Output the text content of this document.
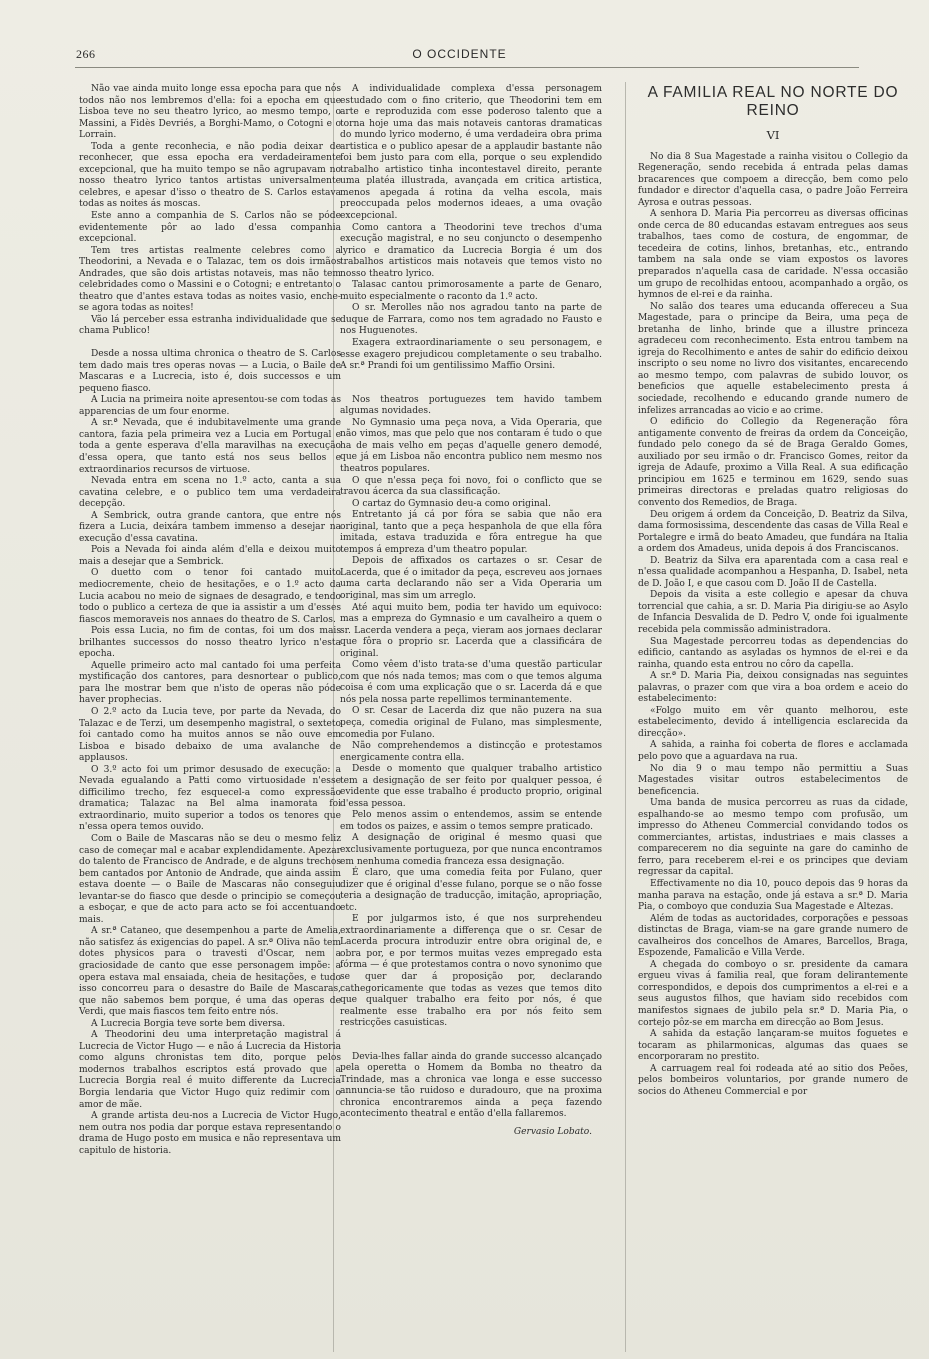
266	O OCCIDENTE

Não vae ainda muito longe essa epocha para que nós todos não nos lembremos d'ella: foi a epocha em que Lisboa teve no seu theatro lyrico, ao mesmo tempo, o Massini, a Fidès Devriés, a Borghi-Mamo, o Cotogni e o Lorrain.

Toda a gente reconhecia, e não podia deixar de reconhecer, que essa epocha era verdadeiramente excepcional, que ha muito tempo se não agrupavam no nosso theatro lyrico tantos artistas universalmente celebres, e apesar d'isso o theatro de S. Carlos estava todas as noites ás moscas.

Este anno a companhia de S. Carlos não se póde evidentemente pôr ao lado d'essa companhia excepcional.

Tem tres artistas realmente celebres como a Theodorini, a Nevada e o Talazac, tem os dois irmãos Andrades, que são dois artistas notaveis, mas não tem celebridades como o Massini e o Cotogni; e entretanto o theatro que d'antes estava todas as noites vasio, enche-se agora todas as noites!

Vão lá perceber essa estranha individualidade que se chama Publico!

Desde a nossa ultima chronica o theatro de S. Carlos tem dado mais tres operas novas — a Lucia, o Baile de Mascaras e a Lucrecia, isto é, dois successos e um pequeno fiasco.

A Lucia na primeira noite apresentou-se com todas as apparencias de um four enorme.

A sr.ª Nevada, que é indubitavelmente uma grande cantora, fazia pela primeira vez a Lucia em Portugal e toda a gente esperava d'ella maravilhas na execução d'essa opera, que tanto está nos seus bellos e extraordinarios recursos de virtuose.

Nevada entra em scena no 1.º acto, canta a sua cavatina celebre, e o publico tem uma verdadeira decepção.

A Sembrick, outra grande cantora, que entre nós fizera a Lucia, deixára tambem immenso a desejar na execução d'essa cavatina.

Pois a Nevada foi ainda além d'ella e deixou muito mais a desejar que a Sembrick.

O duetto com o tenor foi cantado muito mediocremente, cheio de hesitações, e o 1.º acto da Lucia acabou no meio de signaes de desagrado, e tendo todo o publico a certeza de que ia assistir a um d'esses fiascos memoraveis nos annaes do theatro de S. Carlos.

Pois essa Lucia, no fim de contas, foi um dos mais brilhantes successos do nosso theatro lyrico n'esta epocha.

Aquelle primeiro acto mal cantado foi uma perfeita mystificação dos cantores, para desnortear o publico, para lhe mostrar bem que n'isto de operas não póde haver prophecias.

O 2.º acto da Lucia teve, por parte da Nevada, do Talazac e de Terzi, um desempenho magistral, o sexteto foi cantado como ha muitos annos se não ouve em Lisboa e bisado debaixo de uma avalanche de applausos.

O 3.º acto foi um primor desusado de execução: a Nevada egualando a Patti como virtuosidade n'esse difficilimo trecho, fez esquecel-a como expressão dramatica; Talazac na Bel alma inamorata foi extraordinario, muito superior a todos os tenores que n'essa opera temos ouvido.

Com o Baile de Mascaras não se deu o mesmo feliz caso de começar mal e acabar explendidamente. Apezar do talento de Francisco de Andrade, e de alguns trechos bem cantados por Antonio de Andrade, que ainda assim estava doente — o Baile de Mascaras não conseguiu levantar-se do fiasco que desde o principio se começou a esboçar, e que de acto para acto se foi accentuando mais.

A sr.ª Cataneo, que desempenhou a parte de Amelia, não satisfez ás exigencias do papel. A sr.ª Oliva não tem dotes physicos para o travesti d'Oscar, nem a graciosidade de canto que esse personagem impõe: a opera estava mal ensaiada, cheia de hesitações, e tudo isso concorreu para o desastre do Baile de Mascaras, que não sabemos bem porque, é uma das operas de Verdi, que mais fiascos tem feito entre nós.

A Lucrecia Borgia teve sorte bem diversa.

A Theodorini deu uma interpretação magistral á Lucrecia de Victor Hugo — e não á Lucrecia da Historia como alguns chronistas tem dito, porque pelos modernos trabalhos escriptos está provado que a Lucrecia Borgia real é muito differente da Lucrecia Borgia lendaria que Victor Hugo quiz redimir com o amor de mãe.

A grande artista deu-nos a Lucrecia de Victor Hugo, nem outra nos podia dar porque estava representando o drama de Hugo posto em musica e não representava um capitulo de historia.

A individualidade complexa d'essa personagem estudado com o fino criterio, que Theodorini tem em arte e reproduzida com esse poderoso talento que a torna hoje uma das mais notaveis cantoras dramaticas do mundo lyrico moderno, é uma verdadeira obra prima artistica e o publico apesar de a applaudir bastante não foi bem justo para com ella, porque o seu explendido trabalho artistico tinha incontestavel direito, perante uma platéa illustrada, avançada em critica artistica, menos apegada á rotina da velha escola, mais preoccupada pelos modernos ideaes, a uma ovação excepcional.

Como cantora a Theodorini teve trechos d'uma execução magistral, e no seu conjuncto o desempenho lyrico e dramatico da Lucrecia Borgia é um dos trabalhos artisticos mais notaveis que temos visto no nosso theatro lyrico.

Talasac cantou primorosamente a parte de Genaro, muito especialmente o raconto da 1.º acto.

O sr. Merolles não nos agradou tanto na parte de duque de Farrara, como nos tem agradado no Fausto e nos Huguenotes.

Exagera extraordinariamente o seu personagem, e esse exagero prejudicou completamente o seu trabalho. A sr.ª Prandi foi um gentilissimo Maffio Orsini.

Nos theatros portuguezes tem havido tambem algumas novidades.

No Gymnasio uma peça nova, a Vida Operaria, que não vimos, mas que pelo que nos contaram é tudo o que ha de mais velho em peças d'aquelle genero demodé, que já em Lisboa não encontra publico nem mesmo nos theatros populares.

O que n'essa peça foi novo, foi o conflicto que se travou ácerca da sua classificação.

O cartaz do Gymnasio deu-a como original.

Entretanto já cá por fóra se sabia que não era original, tanto que a peça hespanhola de que ella fôra imitada, estava traduzida e fôra entregue ha que tempos á empreza d'um theatro popular.

Depois de affixados os cartazes o sr. Cesar de Lacerda, que é o imitador da peça, escreveu aos jornaes uma carta declarando não ser a Vida Operaria um original, mas sim um arreglo.

Até aqui muito bem, podia ter havido um equivoco: mas a empreza do Gymnasio e um cavalheiro a quem o sr. Lacerda vendera a peça, vieram aos jornaes declarar que fôra o proprio sr. Lacerda que a classificára de original.

Como vêem d'isto trata-se d'uma questão particular com que nós nada temos; mas com o que temos alguma coisa é com uma explicação que o sr. Lacerda dá e que nós pela nossa parte repellimos terminantemente.

O sr. Cesar de Lacerda diz que não puzera na sua peça, comedia original de Fulano, mas simplesmente, comedia por Fulano.

Não comprehendemos a distincção e protestamos energicamente contra ella.

Desde o momento que qualquer trabalho artistico tem a designação de ser feito por qualquer pessoa, é evidente que esse trabalho é producto proprio, original d'essa pessoa.

Pelo menos assim o entendemos, assim se entende em todos os paizes, e assim o temos sempre praticado.

A designação de original é mesmo quasi que exclusivamente portugueza, por que nunca encontramos em nenhuma comedia franceza essa designação.

É claro, que uma comedia feita por Fulano, quer dizer que é original d'esse fulano, porque se o não fosse teria a designação de traducção, imitação, apropriação, etc.

E por julgarmos isto, é que nos surprehendeu extraordinariamente a differença que o sr. Cesar de Lacerda procura introduzir entre obra original de, e obra por, e por termos muitas vezes empregado esta fórma — é que protestamos contra o novo synonimo que se quer dar á proposição por, declarando cathegoricamente que todas as vezes que temos dito que qualquer trabalho era feito por nós, é que realmente esse trabalho era por nós feito sem restricções casuisticas.

Devia-lhes fallar ainda do grande successo alcançado pela operetta o Homem da Bomba no theatro da Trindade, mas a chronica vae longa e esse successo annuncia-se tão ruidoso e duradouro, que na proxima chronica encontraremos ainda a peça fazendo acontecimento theatral e então d'ella fallaremos.

Gervasio Lobato.
A FAMILIA REAL NO NORTE DO REINO
VI

No dia 8 Sua Magestade a rainha visitou o Collegio da Regeneração, sendo recebida á entrada pelas damas bracarences que compoem a direcção, bem como pelo fundador e director d'aquella casa, o padre João Ferreira Ayrosa e outras pessoas.

A senhora D. Maria Pia percorreu as diversas officinas onde cerca de 80 educandas estavam entregues aos seus trabalhos, taes como de costura, de engommar, de tecedeira de cotins, linhos, bretanhas, etc., entrando tambem na sala onde se viam expostos os lavores preparados n'aquella casa de caridade. N'essa occasião um grupo de recolhidas entoou, acompanhado a orgão, os hymnos de el-rei e da rainha.

No salão dos teares uma educanda offereceu a Sua Magestade, para o principe da Beira, uma peça de bretanha de linho, brinde que a illustre princeza agradeceu com reconhecimento. Esta entrou tambem na igreja do Recolhimento e antes de sahir do edificio deixou inscripto o seu nome no livro dos visitantes, encarecendo ao mesmo tempo, com palavras de subido louvor, os beneficios que aquelle estabelecimento presta á sociedade, recolhendo e educando grande numero de infelizes arrancadas ao vicio e ao crime.

O edificio do Collegio da Regeneração fôra antigamente convento de freiras da ordem da Conceição, fundado pelo conego da sé de Braga Geraldo Gomes, auxiliado por seu irmão o dr. Francisco Gomes, reitor da igreja de Adaufe, proximo a Villa Real. A sua edificação principiou em 1625 e terminou em 1629, sendo suas primeiras directoras e preladas quatro religiosas do convento dos Remedios, de Braga.

Deu origem á ordem da Conceição, D. Beatriz da Silva, dama formosissima, descendente das casas de Villa Real e Portalegre e irmã do beato Amadeu, que fundára na Italia a ordem dos Amadeus, unida depois á dos Franciscanos.

D. Beatriz da Silva era aparentada com a casa real e n'essa qualidade acompanhou a Hespanha, D. Isabel, neta de D. João I, e que casou com D. João II de Castella.

Depois da visita a este collegio e apesar da chuva torrencial que cahia, a sr. D. Maria Pia dirigiu-se ao Asylo de Infancia Desvalida de D. Pedro V, onde foi igualmente recebida pela commissão administradora.

Sua Magestade percorreu todas as dependencias do edificio, cantando as asyladas os hymnos de el-rei e da rainha, quando esta entrou no côro da capella.

A sr.ª D. Maria Pia, deixou consignadas nas seguintes palavras, o prazer com que vira a boa ordem e aceio do estabelecimento:

«Folgo muito em vêr quanto melhorou, este estabelecimento, devido á intelligencia esclarecida da direcção».

A sahida, a rainha foi coberta de flores e acclamada pelo povo que a aguardava na rua.

No dia 9 o mau tempo não permittiu a Suas Magestades visitar outros estabelecimentos de beneficencia.

Uma banda de musica percorreu as ruas da cidade, espalhando-se ao mesmo tempo com profusão, um impresso do Atheneu Commercial convidando todos os commerciantes, artistas, industriaes e mais classes a comparecerem no dia seguinte na gare do caminho de ferro, para receberem el-rei e os principes que deviam regressar da capital.

Effectivamente no dia 10, pouco depois das 9 horas da manha parava na estação, onde já estava a sr.ª D. Maria Pia, o comboyo que conduzia Sua Magestade e Altezas.

Além de todas as auctoridades, corporações e pessoas distinctas de Braga, viam-se na gare grande numero de cavalheiros dos concelhos de Amares, Barcellos, Braga, Espozende, Famalicão e Villa Verde.

A chegada do comboyo o sr. presidente da camara ergueu vivas á familia real, que foram delirantemente correspondidos, e depois dos cumprimentos a el-rei e a seus augustos filhos, que haviam sido recebidos com manifestos signaes de jubilo pela sr.ª D. Maria Pia, o cortejo pôz-se em marcha em direcção ao Bom Jesus.

A sahida da estação lançaram-se muitos foguetes e tocaram as philarmonicas, algumas das quaes se encorporaram no prestito.

A carruagem real foi rodeada até ao sitio dos Peões, pelos bombeiros voluntarios, por grande numero de socios do Atheneu Commercial e por
